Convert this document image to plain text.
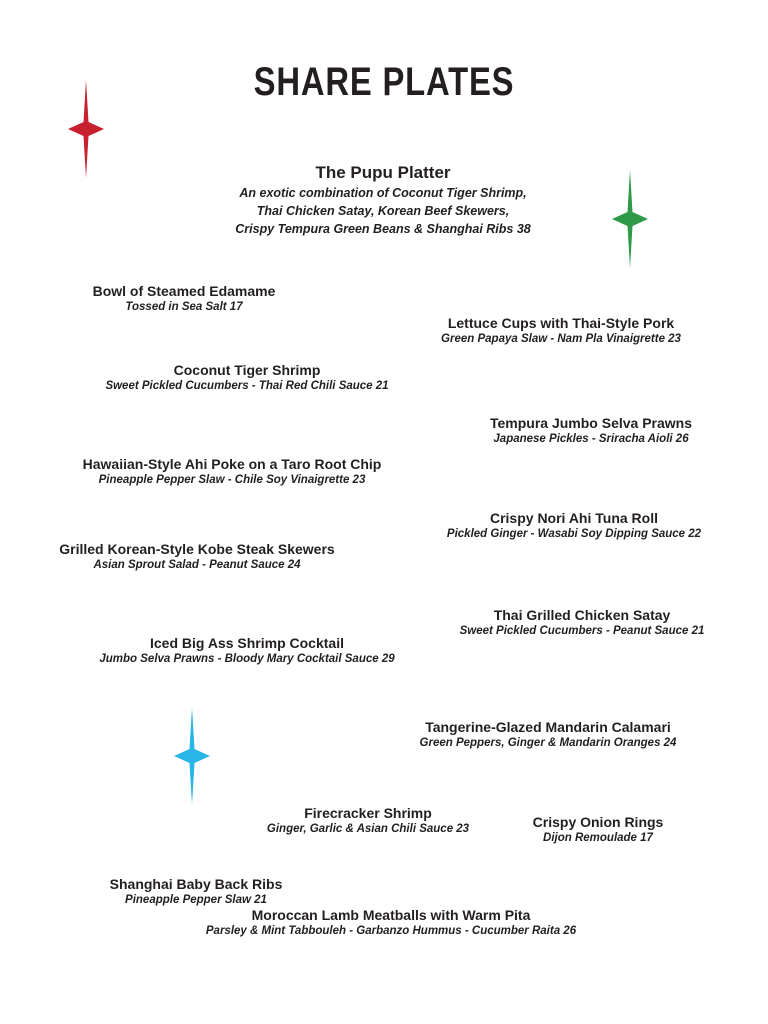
SHARE PLATES
The Pupu Platter
An exotic combination of Coconut Tiger Shrimp,
Thai Chicken Satay, Korean Beef Skewers,
Crispy Tempura Green Beans & Shanghai Ribs 38
Bowl of Steamed Edamame
Tossed in Sea Salt 17
Lettuce Cups with Thai-Style Pork
Green Papaya Slaw - Nam Pla Vinaigrette 23
Coconut Tiger Shrimp
Sweet Pickled Cucumbers - Thai Red Chili Sauce 21
Tempura Jumbo Selva Prawns
Japanese Pickles - Sriracha Aioli 26
Hawaiian-Style Ahi Poke on a Taro Root Chip
Pineapple Pepper Slaw - Chile Soy Vinaigrette 23
Crispy Nori Ahi Tuna Roll
Pickled Ginger - Wasabi Soy Dipping Sauce 22
Grilled Korean-Style Kobe Steak Skewers
Asian Sprout Salad - Peanut Sauce 24
Thai Grilled Chicken Satay
Sweet Pickled Cucumbers - Peanut Sauce 21
Iced Big Ass Shrimp Cocktail
Jumbo Selva Prawns - Bloody Mary Cocktail Sauce 29
Tangerine-Glazed Mandarin Calamari
Green Peppers, Ginger & Mandarin Oranges 24
Firecracker Shrimp
Ginger, Garlic & Asian Chili Sauce 23	Crispy Onion Rings
Dijon Remoulade 17
Shanghai Baby Back Ribs
Pineapple Pepper Slaw 21
Moroccan Lamb Meatballs with Warm Pita
Parsley & Mint Tabbouleh - Garbanzo Hummus - Cucumber Raita 26
